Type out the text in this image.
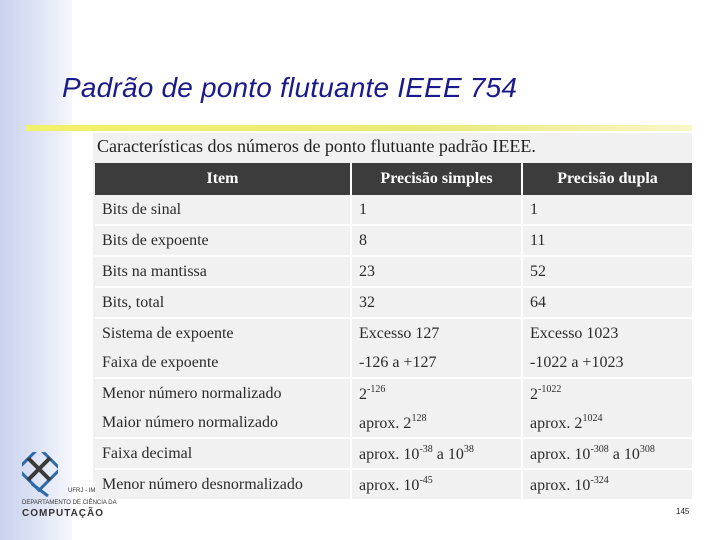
Padrão de ponto flutuante IEEE 754
Características dos números de ponto flutuante padrão IEEE.
Item	Precisão simples	Precisão dupla
Bits de sinal	1	1
Bits de expoente	8	11
Bits na mantissa	23	52
Bits, total	32	64
Sistema de expoente	Excesso 127	Excesso 1023
Faixa de expoente	-126 a +127	-1022 a +1023
Menor número normalizado	$2^{-126}$	$2^{-1022}$
Maior número normalizado	aprox. $2^{128}$	aprox. $2^{1024}$
Faixa decimal	aprox. $10^{-38}$ a $10^{38}$	aprox. $10^{-308}$ a $10^{308}$
Menor número desnormalizado	aprox. $10^{-45}$	aprox. $10^{-324}$
UFRJ - IM
DEPARTAMENTO DE CIÊNCIA DA
COMPUTAÇÃO	145
